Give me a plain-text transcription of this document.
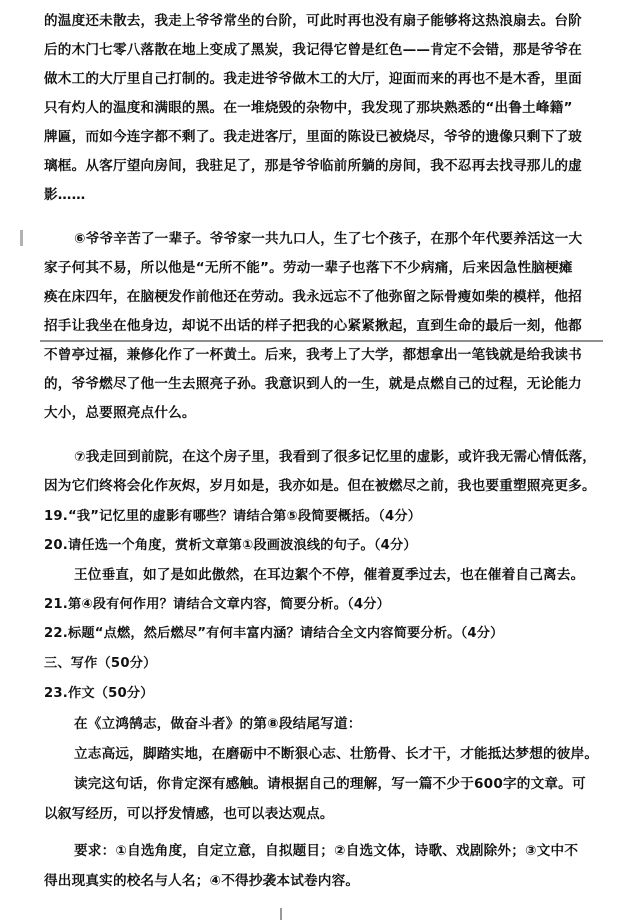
的温度还未散去，我走上爷爷常坐的台阶，可此时再也没有扇子能够将这热浪扇去。台阶
后的木门七零八落散在地上变成了黑炭，我记得它曾是红色——肯定不会错，那是爷爷在
做木工的大厅里自己打制的。我走进爷爷做木工的大厅，迎面而来的再也不是木香，里面
只有灼人的温度和满眼的黑。在一堆烧毁的杂物中，我发现了那块熟悉的“出鲁土峰籍”
牌匾，而如今连字都不剩了。我走进客厅，里面的陈设已被烧尽，爷爷的遗像只剩下了玻
璃框。从客厅望向房间，我驻足了，那是爷爷临前所躺的房间，我不忍再去找寻那儿的虚
影……
⑥爷爷辛苦了一辈子。爷爷家一共九口人，生了七个孩子，在那个年代要养活这一大
家子何其不易，所以他是“无所不能”。劳动一辈子也落下不少病痛，后来因急性脑梗瘫
痪在床四年，在脑梗发作前他还在劳动。我永远忘不了他弥留之际骨瘦如柴的模样，他招
招手让我坐在他身边，却说不出话的样子把我的心紧紧揪起，直到生命的最后一刻，他都
不曾亭过福，兼修化作了一杯黄土。后来，我考上了大学，都想拿出一笔钱就是给我读书
的，爷爷燃尽了他一生去照亮子孙。我意识到人的一生，就是点燃自己的过程，无论能力
大小，总要照亮点什么。
⑦我走回到前院，在这个房子里，我看到了很多记忆里的虚影，或许我无需心情低落，
因为它们终将会化作灰烬，岁月如是，我亦如是。但在被燃尽之前，我也要重塑照亮更多。
19.“我”记忆里的虚影有哪些？请结合第⑤段简要概括。（4分）
20.请任选一个角度，赏析文章第①段画波浪线的句子。（4分）
王位垂直，如了是如此傲然，在耳边絮个不停，催着夏季过去，也在催着自己离去。
21.第④段有何作用？请结合文章内容，简要分析。（4分）
22.标题“点燃，然后燃尽”有何丰富内涵？请结合全文内容简要分析。（4分）
三、写作（50分）
23.作文（50分）
在《立鸿鹄志，做奋斗者》的第⑧段结尾写道：
立志高远，脚踏实地，在磨砺中不断狠心志、壮筋骨、长才干，才能抵达梦想的彼岸。
读完这句话，你肯定深有感触。请根据自己的理解，写一篇不少于600字的文章。可
以叙写经历，可以抒发情感，也可以表达观点。
要求：①自选角度，自定立意，自拟题目；②自选文体，诗歌、戏剧除外；③文中不
得出现真实的校名与人名；④不得抄袭本试卷内容。
